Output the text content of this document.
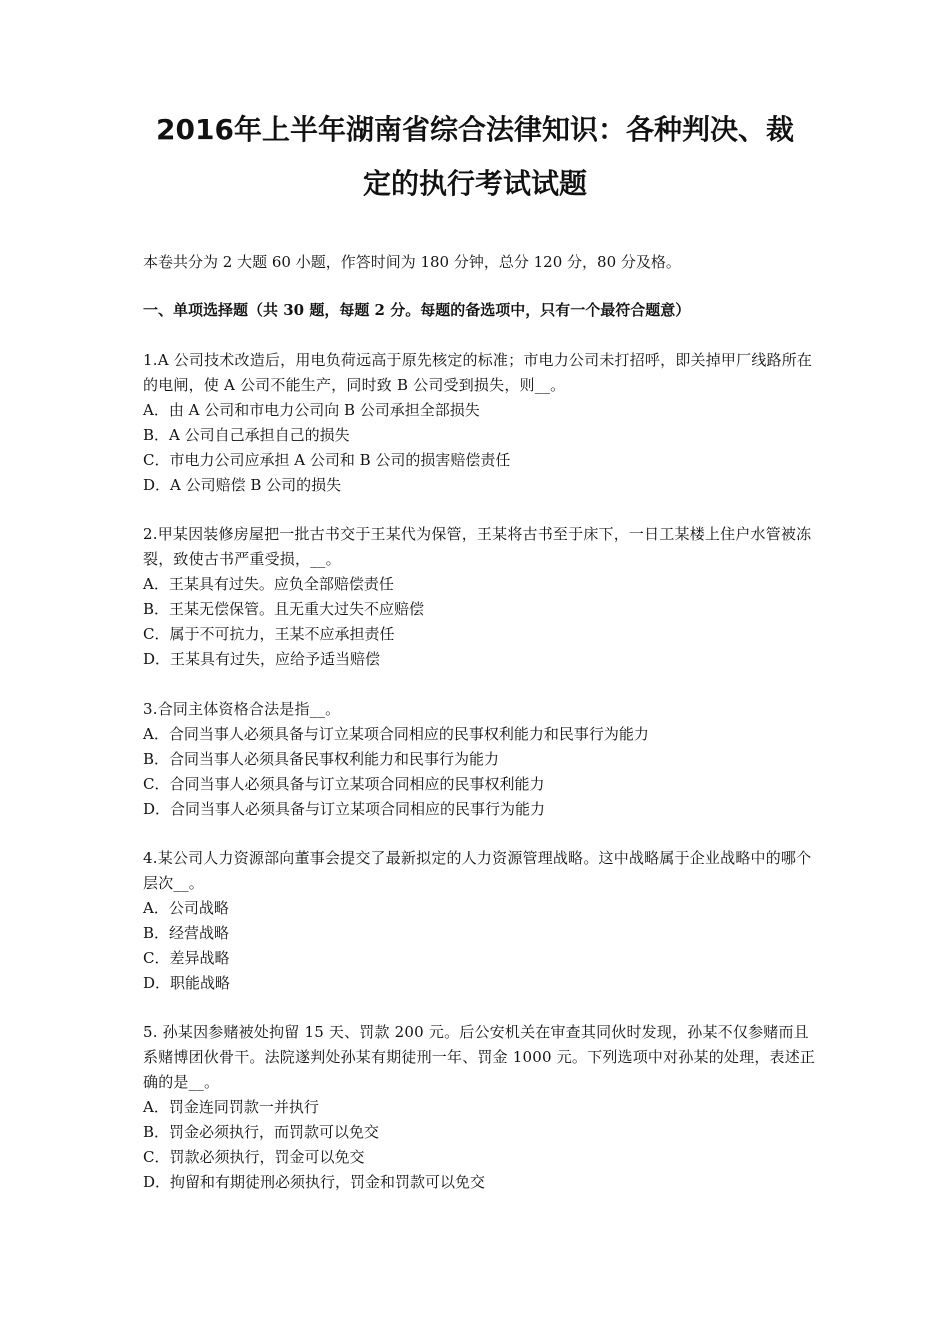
2016年上半年湖南省综合法律知识：各种判决、裁
定的执行考试试题
本卷共分为 2 大题 60 小题，作答时间为 180 分钟，总分 120 分，80 分及格。
一、单项选择题（共 30 题，每题 2 分。每题的备选项中，只有一个最符合题意）
1.A 公司技术改造后，用电负荷远高于原先核定的标准；市电力公司未打招呼，即关掉甲厂线路所在的电闸，使 A 公司不能生产，同时致 B 公司受到损失，则__。
A．由 A 公司和市电力公司向 B 公司承担全部损失
B．A 公司自己承担自己的损失
C．市电力公司应承担 A 公司和 B 公司的损害赔偿责任
D．A 公司赔偿 B 公司的损失
2.甲某因装修房屋把一批古书交于王某代为保管，王某将古书至于床下，一日工某楼上住户水管被冻裂，致使古书严重受损，__。
A．王某具有过失。应负全部赔偿责任
B．王某无偿保管。且无重大过失不应赔偿
C．属于不可抗力，王某不应承担责任
D．王某具有过失，应给予适当赔偿
3.合同主体资格合法是指__。
A．合同当事人必须具备与订立某项合同相应的民事权利能力和民事行为能力
B．合同当事人必须具备民事权利能力和民事行为能力
C．合同当事人必须具备与订立某项合同相应的民事权利能力
D．合同当事人必须具备与订立某项合同相应的民事行为能力
4.某公司人力资源部向董事会提交了最新拟定的人力资源管理战略。这中战略属于企业战略中的哪个层次__。
A．公司战略
B．经营战略
C．差异战略
D．职能战略
5. 孙某因参赌被处拘留 15 天、罚款 200 元。后公安机关在审查其同伙时发现，孙某不仅参赌而且系赌博团伙骨干。法院遂判处孙某有期徒刑一年、罚金 1000 元。下列选项中对孙某的处理，表述正确的是__。
A．罚金连同罚款一并执行
B．罚金必须执行，而罚款可以免交
C．罚款必须执行，罚金可以免交
D．拘留和有期徒刑必须执行，罚金和罚款可以免交
